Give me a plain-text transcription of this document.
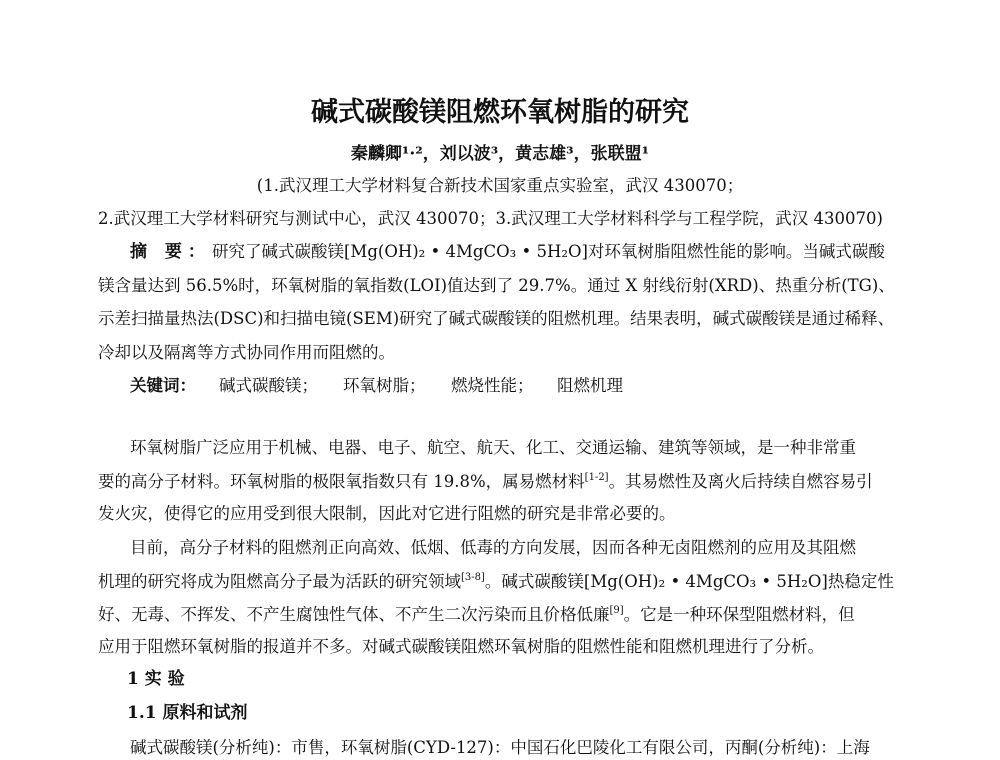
碱式碳酸镁阻燃环氧树脂的研究

秦麟卿¹·²，刘以波³，黄志雄³，张联盟¹

(1.武汉理工大学材料复合新技术国家重点实验室，武汉 430070；

2.武汉理工大学材料研究与测试中心，武汉 430070；3.武汉理工大学材料科学与工程学院，武汉 430070)

摘 要： 研究了碱式碳酸镁[Mg(OH)₂ • 4MgCO₃ • 5H₂O]对环氧树脂阻燃性能的影响。当碱式碳酸

镁含量达到 56.5%时，环氧树脂的氧指数(LOI)值达到了 29.7%。通过 X 射线衍射(XRD)、热重分析(TG)、

示差扫描量热法(DSC)和扫描电镜(SEM)研究了碱式碳酸镁的阻燃机理。结果表明，碱式碳酸镁是通过稀释、

冷却以及隔离等方式协同作用而阻燃的。

关键词： 碱式碳酸镁； 环氧树脂； 燃烧性能； 阻燃机理

环氧树脂广泛应用于机械、电器、电子、航空、航天、化工、交通运输、建筑等领域，是一种非常重

要的高分子材料。环氧树脂的极限氧指数只有 19.8%，属易燃材料[1-2]。其易燃性及离火后持续自燃容易引

发火灾，使得它的应用受到很大限制，因此对它进行阻燃的研究是非常必要的。

目前，高分子材料的阻燃剂正向高效、低烟、低毒的方向发展，因而各种无卤阻燃剂的应用及其阻燃

机理的研究将成为阻燃高分子最为活跃的研究领域[3-8]。碱式碳酸镁[Mg(OH)₂ • 4MgCO₃ • 5H₂O]热稳定性

好、无毒、不挥发、不产生腐蚀性气体、不产生二次污染而且价格低廉[9]。它是一种环保型阻燃材料，但

应用于阻燃环氧树脂的报道并不多。对碱式碳酸镁阻燃环氧树脂的阻燃性能和阻燃机理进行了分析。

1 实 验
1.1 原料和试剂

碱式碳酸镁(分析纯)：市售，环氧树脂(CYD-127)：中国石化巴陵化工有限公司，丙酮(分析纯)：上海
